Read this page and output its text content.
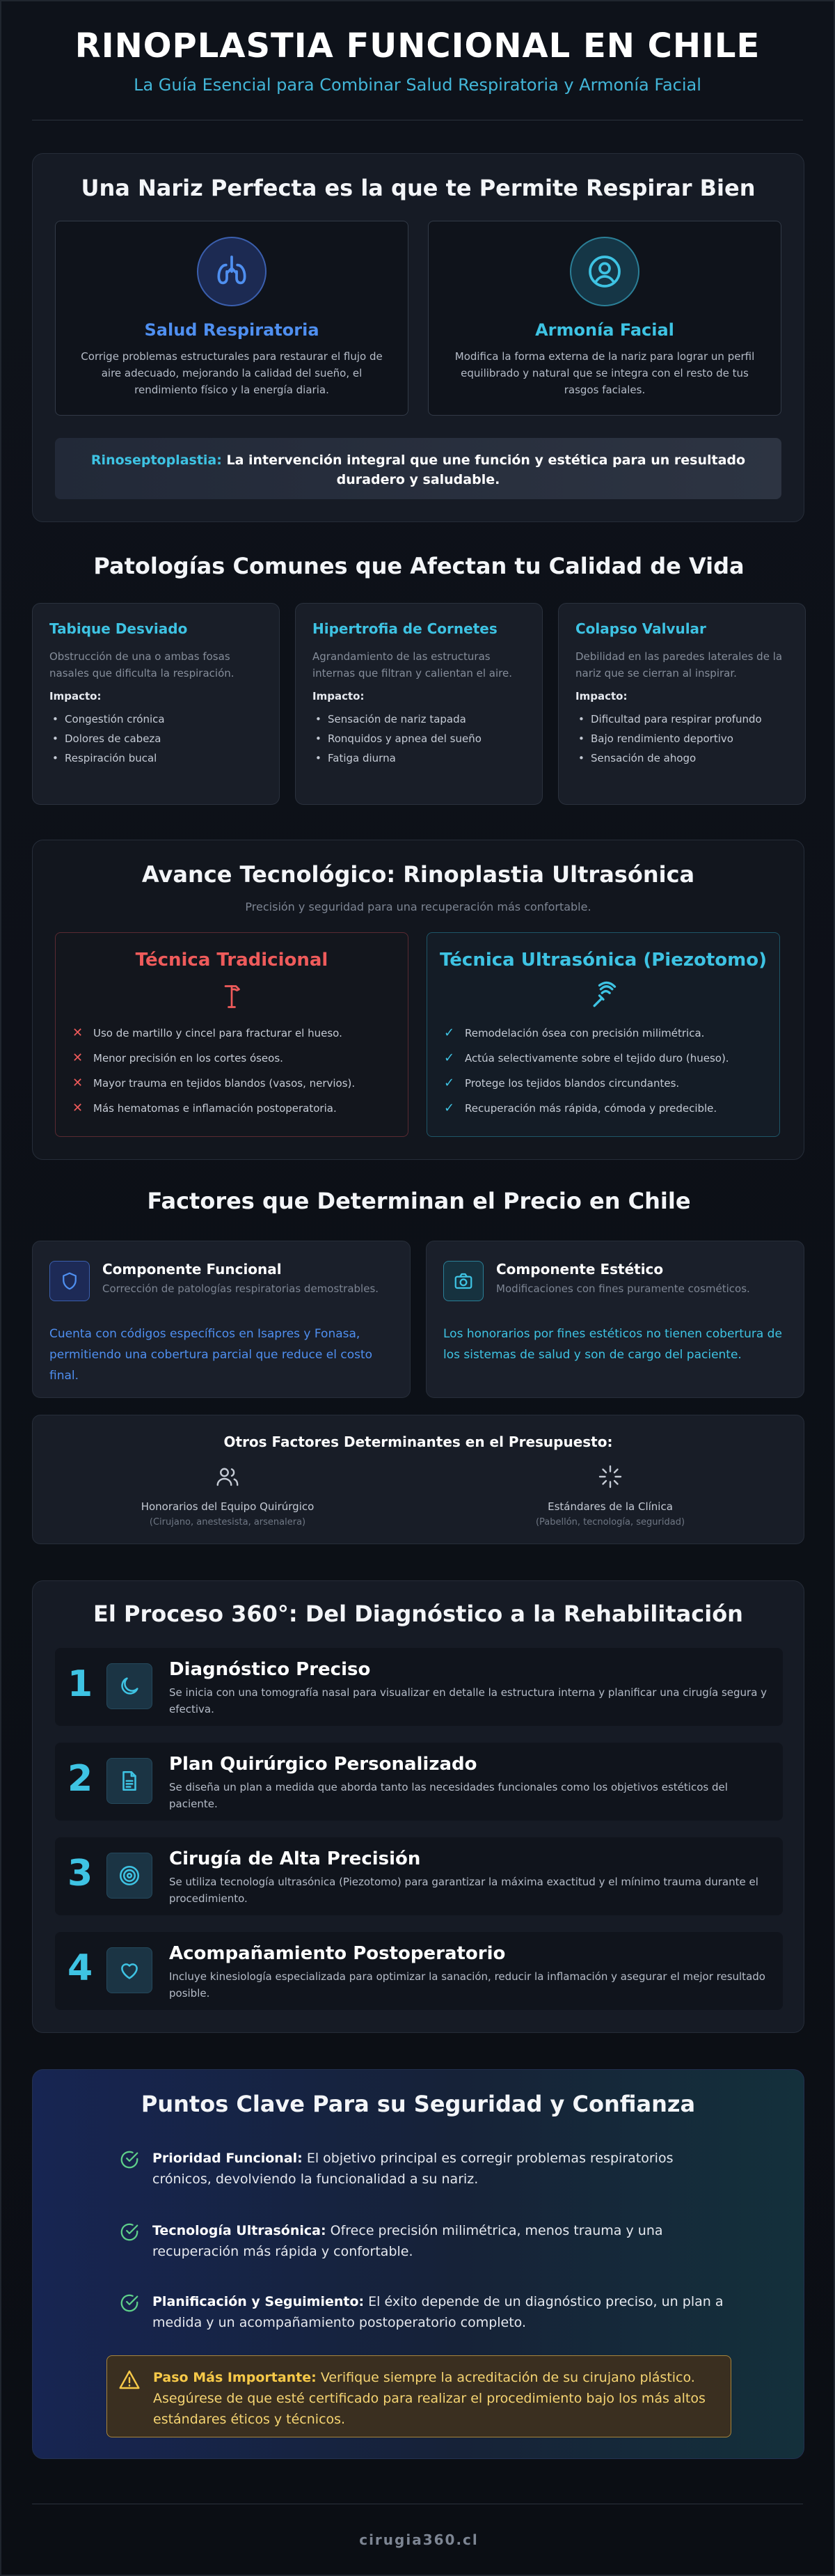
RINOPLASTIA FUNCIONAL EN CHILE
La Guía Esencial para Combinar Salud Respiratoria y Armonía Facial
Una Nariz Perfecta es la que te Permite Respirar Bien
Salud Respiratoria

Corrige problemas estructurales para restaurar el flujo de aire adecuado, mejorando la calidad del sueño, el rendimiento físico y la energía diaria.

Armonía Facial

Modifica la forma externa de la nariz para lograr un perfil equilibrado y natural que se integra con el resto de tus rasgos faciales.

Rinoseptoplastia: La intervención integral que une función y estética para un resultado duradero y saludable.
Patologías Comunes que Afectan tu Calidad de Vida
Tabique Desviado
Obstrucción de una o ambas fosas nasales que dificulta la respiración.
Impacto:
• Congestión crónica
• Dolores de cabeza
• Respiración bucal
Hipertrofia de Cornetes
Agrandamiento de las estructuras internas que filtran y calientan el aire.
Impacto:
• Sensación de nariz tapada
• Ronquidos y apnea del sueño
• Fatiga diurna
Colapso Valvular
Debilidad en las paredes laterales de la nariz que se cierran al inspirar.
Impacto:
• Dificultad para respirar profundo
• Bajo rendimiento deportivo
• Sensación de ahogo
Avance Tecnológico: Rinoplastia Ultrasónica
Precisión y seguridad para una recuperación más confortable.
Técnica Tradicional
✕ Uso de martillo y cincel para fracturar el hueso.
✕ Menor precisión en los cortes óseos.
✕ Mayor trauma en tejidos blandos (vasos, nervios).
✕ Más hematomas e inflamación postoperatoria.
Técnica Ultrasónica (Piezotomo)
✓ Remodelación ósea con precisión milimétrica.
✓ Actúa selectivamente sobre el tejido duro (hueso).
✓ Protege los tejidos blandos circundantes.
✓ Recuperación más rápida, cómoda y predecible.
Factores que Determinan el Precio en Chile
Componente Funcional
Corrección de patologías respiratorias demostrables.
Cuenta con códigos específicos en Isapres y Fonasa, permitiendo una cobertura parcial que reduce el costo final.
Componente Estético
Modificaciones con fines puramente cosméticos.
Los honorarios por fines estéticos no tienen cobertura de los sistemas de salud y son de cargo del paciente.
Otros Factores Determinantes en el Presupuesto:
Honorarios del Equipo Quirúrgico
(Cirujano, anestesista, arsenalera)
Estándares de la Clínica
(Pabellón, tecnología, seguridad)
El Proceso 360°: Del Diagnóstico a la Rehabilitación
1	Diagnóstico Preciso

Se inicia con una tomografía nasal para visualizar en detalle la estructura interna y planificar una cirugía segura y efectiva.

2	Plan Quirúrgico Personalizado

Se diseña un plan a medida que aborda tanto las necesidades funcionales como los objetivos estéticos del paciente.

3	Cirugía de Alta Precisión

Se utiliza tecnología ultrasónica (Piezotomo) para garantizar la máxima exactitud y el mínimo trauma durante el procedimiento.

4	Acompañamiento Postoperatorio

Incluye kinesiología especializada para optimizar la sanación, reducir la inflamación y asegurar el mejor resultado posible.

Puntos Clave Para su Seguridad y Confianza
Prioridad Funcional: El objetivo principal es corregir problemas respiratorios crónicos, devolviendo la funcionalidad a su nariz.
Tecnología Ultrasónica: Ofrece precisión milimétrica, menos trauma y una recuperación más rápida y confortable.
Planificación y Seguimiento: El éxito depende de un diagnóstico preciso, un plan a medida y un acompañamiento postoperatorio completo.
Paso Más Importante: Verifique siempre la acreditación de su cirujano plástico. Asegúrese de que esté certificado para realizar el procedimiento bajo los más altos estándares éticos y técnicos.
cirugia360.cl
